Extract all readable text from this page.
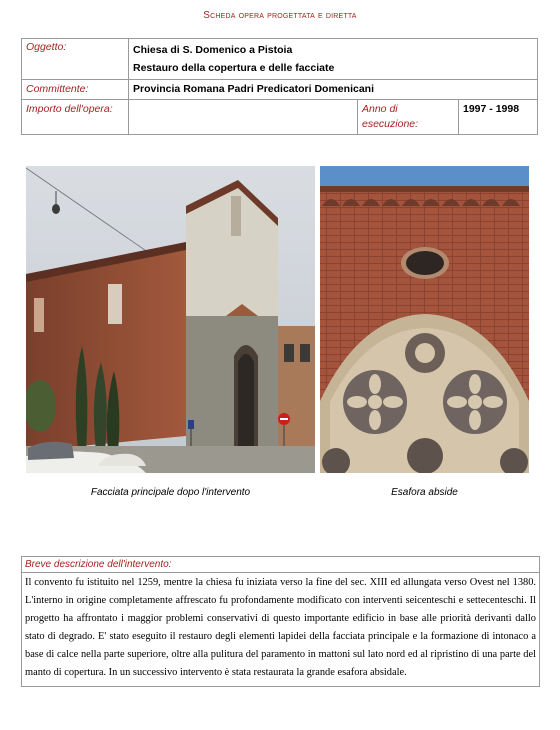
Scheda opera progettata e diretta
Oggetto:	Chiesa di S. Domenico a Pistoia
Restauro della copertura e delle facciate		

Committente:	Provincia Romana Padri Predicatori Domenicani		
Importo dell'opera:		Anno di esecuzione:	1997 - 1998
Facciata principale dopo l'intervento	Esafora abside
Breve descrizione dell'intervento:
Il convento fu istituito nel 1259, mentre la chiesa fu iniziata verso la fine del sec. XIII ed allungata verso Ovest nel 1380. L'interno in origine completamente affrescato fu profondamente modificato con interventi seicenteschi e settecenteschi. Il progetto ha affrontato i maggior problemi conservativi di questo importante edificio in base alle priorità derivanti dallo stato di degrado. E' stato eseguito il restauro degli elementi lapidei della facciata principale e la formazione di intonaco a base di calce nella parte superiore, oltre alla pulitura del paramento in mattoni sul lato nord ed al ripristino di una parte del manto di copertura. In un successivo intervento è stata restaurata la grande esafora absidale.
